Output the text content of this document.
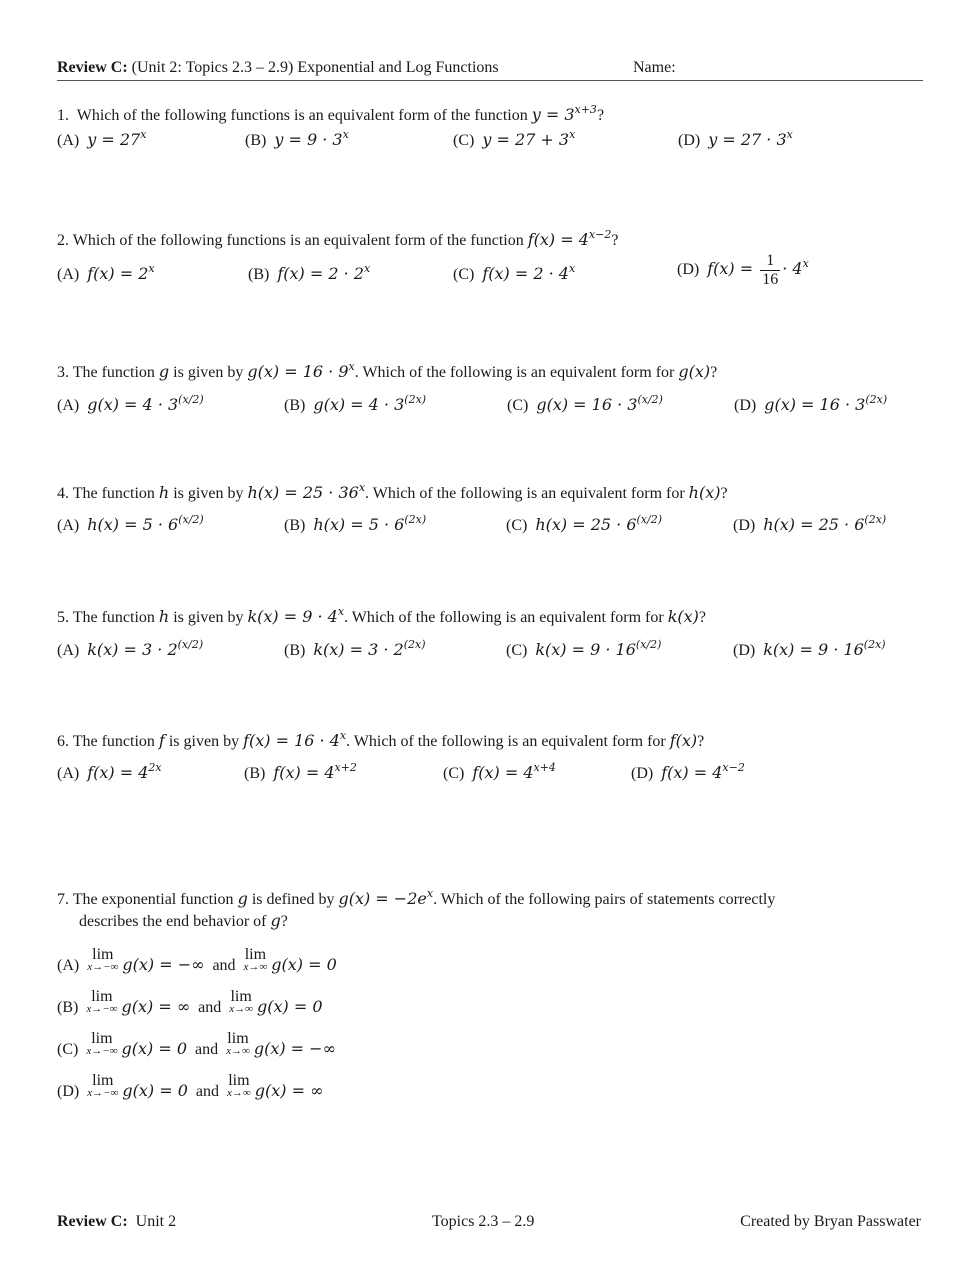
Review C: (Unit 2: Topics 2.3 – 2.9) Exponential and Log Functions	Name:
1. Which of the following functions is an equivalent form of the function $y = 3^{x+3}$?
(A) $y = 27^x$	(B) $y = 9 \cdot 3^x$	(C) $y = 27 + 3^x$	(D) $y = 27 \cdot 3^x$
2. Which of the following functions is an equivalent form of the function $f(x) = 4^{x-2}$?
(A) $f(x) = 2^x$	(B) $f(x) = 2 \cdot 2^x$	(C) $f(x) = 2 \cdot 4^x$	(D) $f(x) = \frac{1}{16} \cdot 4^x$
3. The function g is given by $g(x) = 16 \cdot 9^x$. Which of the following is an equivalent form for g(x)?
(A) $g(x) = 4 \cdot 3^{(x/2)}$	(B) $g(x) = 4 \cdot 3^{(2x)}$	(C) $g(x) = 16 \cdot 3^{(x/2)}$	(D) $g(x) = 16 \cdot 3^{(2x)}$
4. The function h is given by $h(x) = 25 \cdot 36^x$. Which of the following is an equivalent form for h(x)?
(A) $h(x) = 5 \cdot 6^{(x/2)}$	(B) $h(x) = 5 \cdot 6^{(2x)}$	(C) $h(x) = 25 \cdot 6^{(x/2)}$	(D) $h(x) = 25 \cdot 6^{(2x)}$
5. The function h is given by $k(x) = 9 \cdot 4^x$. Which of the following is an equivalent form for k(x)?
(A) $k(x) = 3 \cdot 2^{(x/2)}$	(B) $k(x) = 3 \cdot 2^{(2x)}$	(C) $k(x) = 9 \cdot 16^{(x/2)}$	(D) $k(x) = 9 \cdot 16^{(2x)}$
6. The function f is given by $f(x) = 16 \cdot 4^x$. Which of the following is an equivalent form for f(x)?
(A) $f(x) = 4^{2x}$	(B) $f(x) = 4^{x+2}$	(C) $f(x) = 4^{x+4}$	(D) $f(x) = 4^{x-2}$
7. The exponential function g is defined by $g(x) = -2e^x$. Which of the following pairs of statements correctly
describes the end behavior of g?
(A)
lim
x→−∞ g(x) = −∞ and
lim
x→∞ g(x) = 0
(B)
lim
x→−∞ g(x) = ∞ and
lim
x→∞ g(x) = 0
(C)
lim
x→−∞ g(x) = 0 and
lim
x→∞ g(x) = −∞
(D)
lim
x→−∞ g(x) = 0 and
lim
x→∞ g(x) = ∞
Review C: Unit 2	Topics 2.3 – 2.9	Created by Bryan Passwater
